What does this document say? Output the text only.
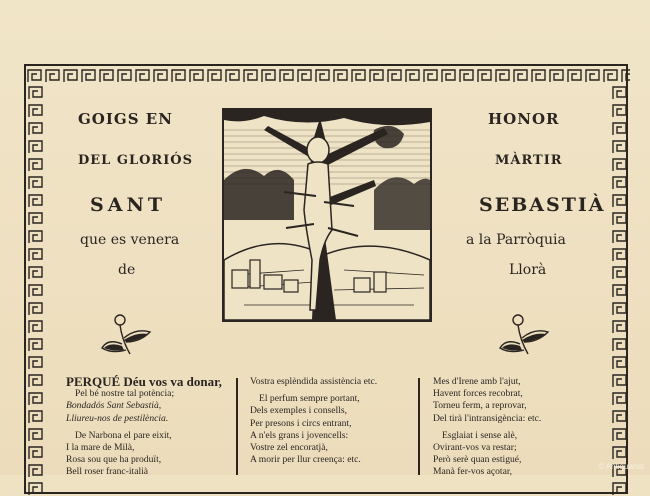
GOIGS EN
DEL GLORIÓS
SANT
que es venera
de
HONOR
MÀRTIR
SEBASTIÀ
a la Parròquia
Llorà

PERQUÉ Déu vos va donar,

Pel bé nostre tal potència;

Bondadós Sant Sebastià,

Lliureu-nos de pestilència.

De Narbona el pare eixit,

I la mare de Milà,

Rosa sou que ha produït,

Bell roser franc-italià

Vostra esplèndida assistència etc.

El perfum sempre portant,

Dels exemples i consells,

Per presons i circs entrant,

A n'els grans i jovencells:

Vostre zel encoratjà,

A morir per llur creença: etc.

Mes d'Irene amb l'ajut,

Havent forces recobrat,

Torneu ferm, a reprovar,

Del tirà l'intransigència: etc.

Esglaiat i sense alè,

Ovirant-vos va restar;

Però serè quan estigué,

Manà fer-vos açotar,	© Antiquariat
